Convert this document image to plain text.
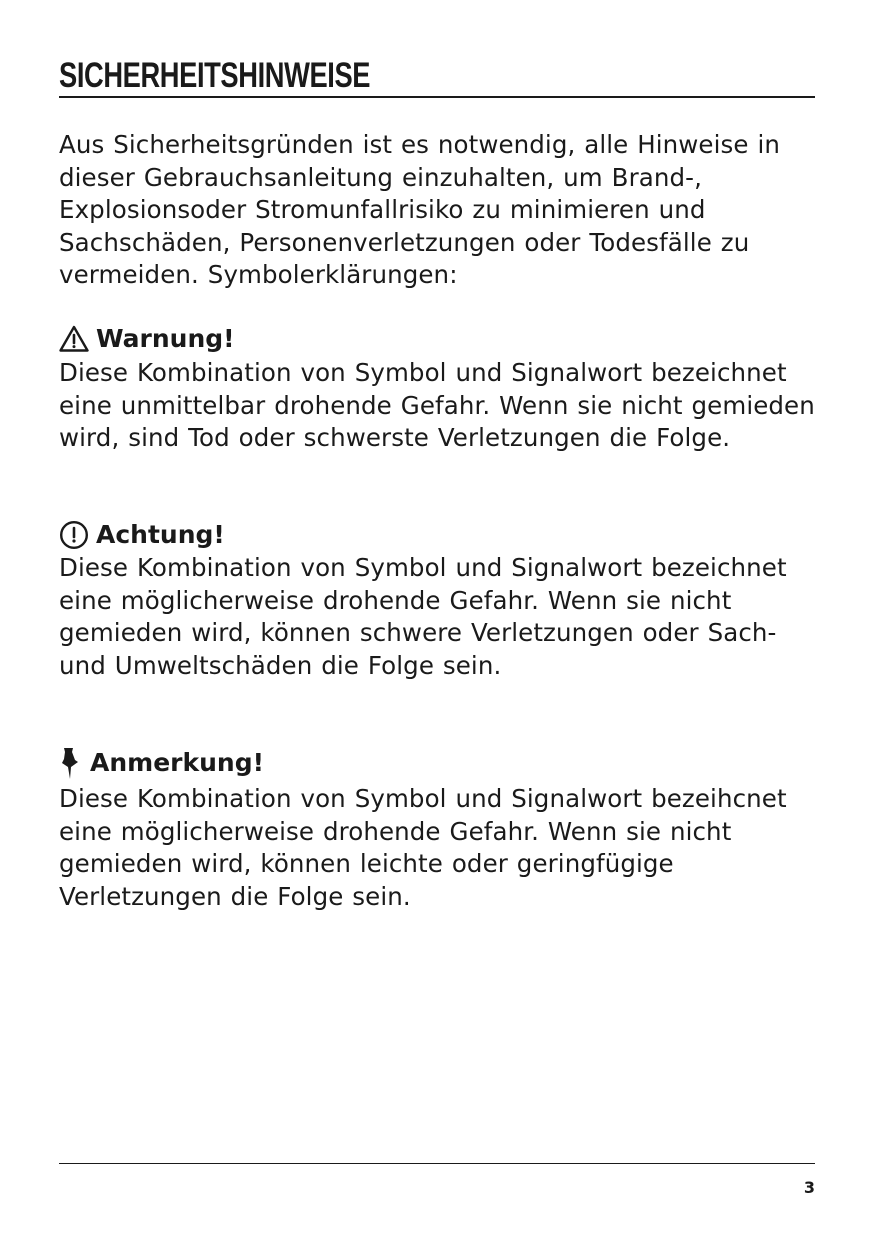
SICHERHEITSHINWEISE

Aus Sicherheitsgründen ist es notwendig, alle Hinweise in dieser Gebrauchsanleitung einzuhalten, um Brand-, Explosionsoder Stromunfallrisiko zu minimieren und Sachschäden, Personenverletzungen oder Todesfälle zu vermeiden. Symbolerklärungen:

Warnung!

Diese Kombination von Symbol und Signalwort bezeichnet eine unmittelbar drohende Gefahr. Wenn sie nicht gemieden wird, sind Tod oder schwerste Verletzungen die Folge.

Achtung!

Diese Kombination von Symbol und Signalwort bezeichnet eine möglicherweise drohende Gefahr. Wenn sie nicht gemieden wird, können schwere Verletzungen oder Sach- und Umweltschäden die Folge sein.

Anmerkung!

Diese Kombination von Symbol und Signalwort bezeihcnet eine möglicherweise drohende Gefahr. Wenn sie nicht gemieden wird, können leichte oder geringfügige Verletzungen die Folge sein.

3
